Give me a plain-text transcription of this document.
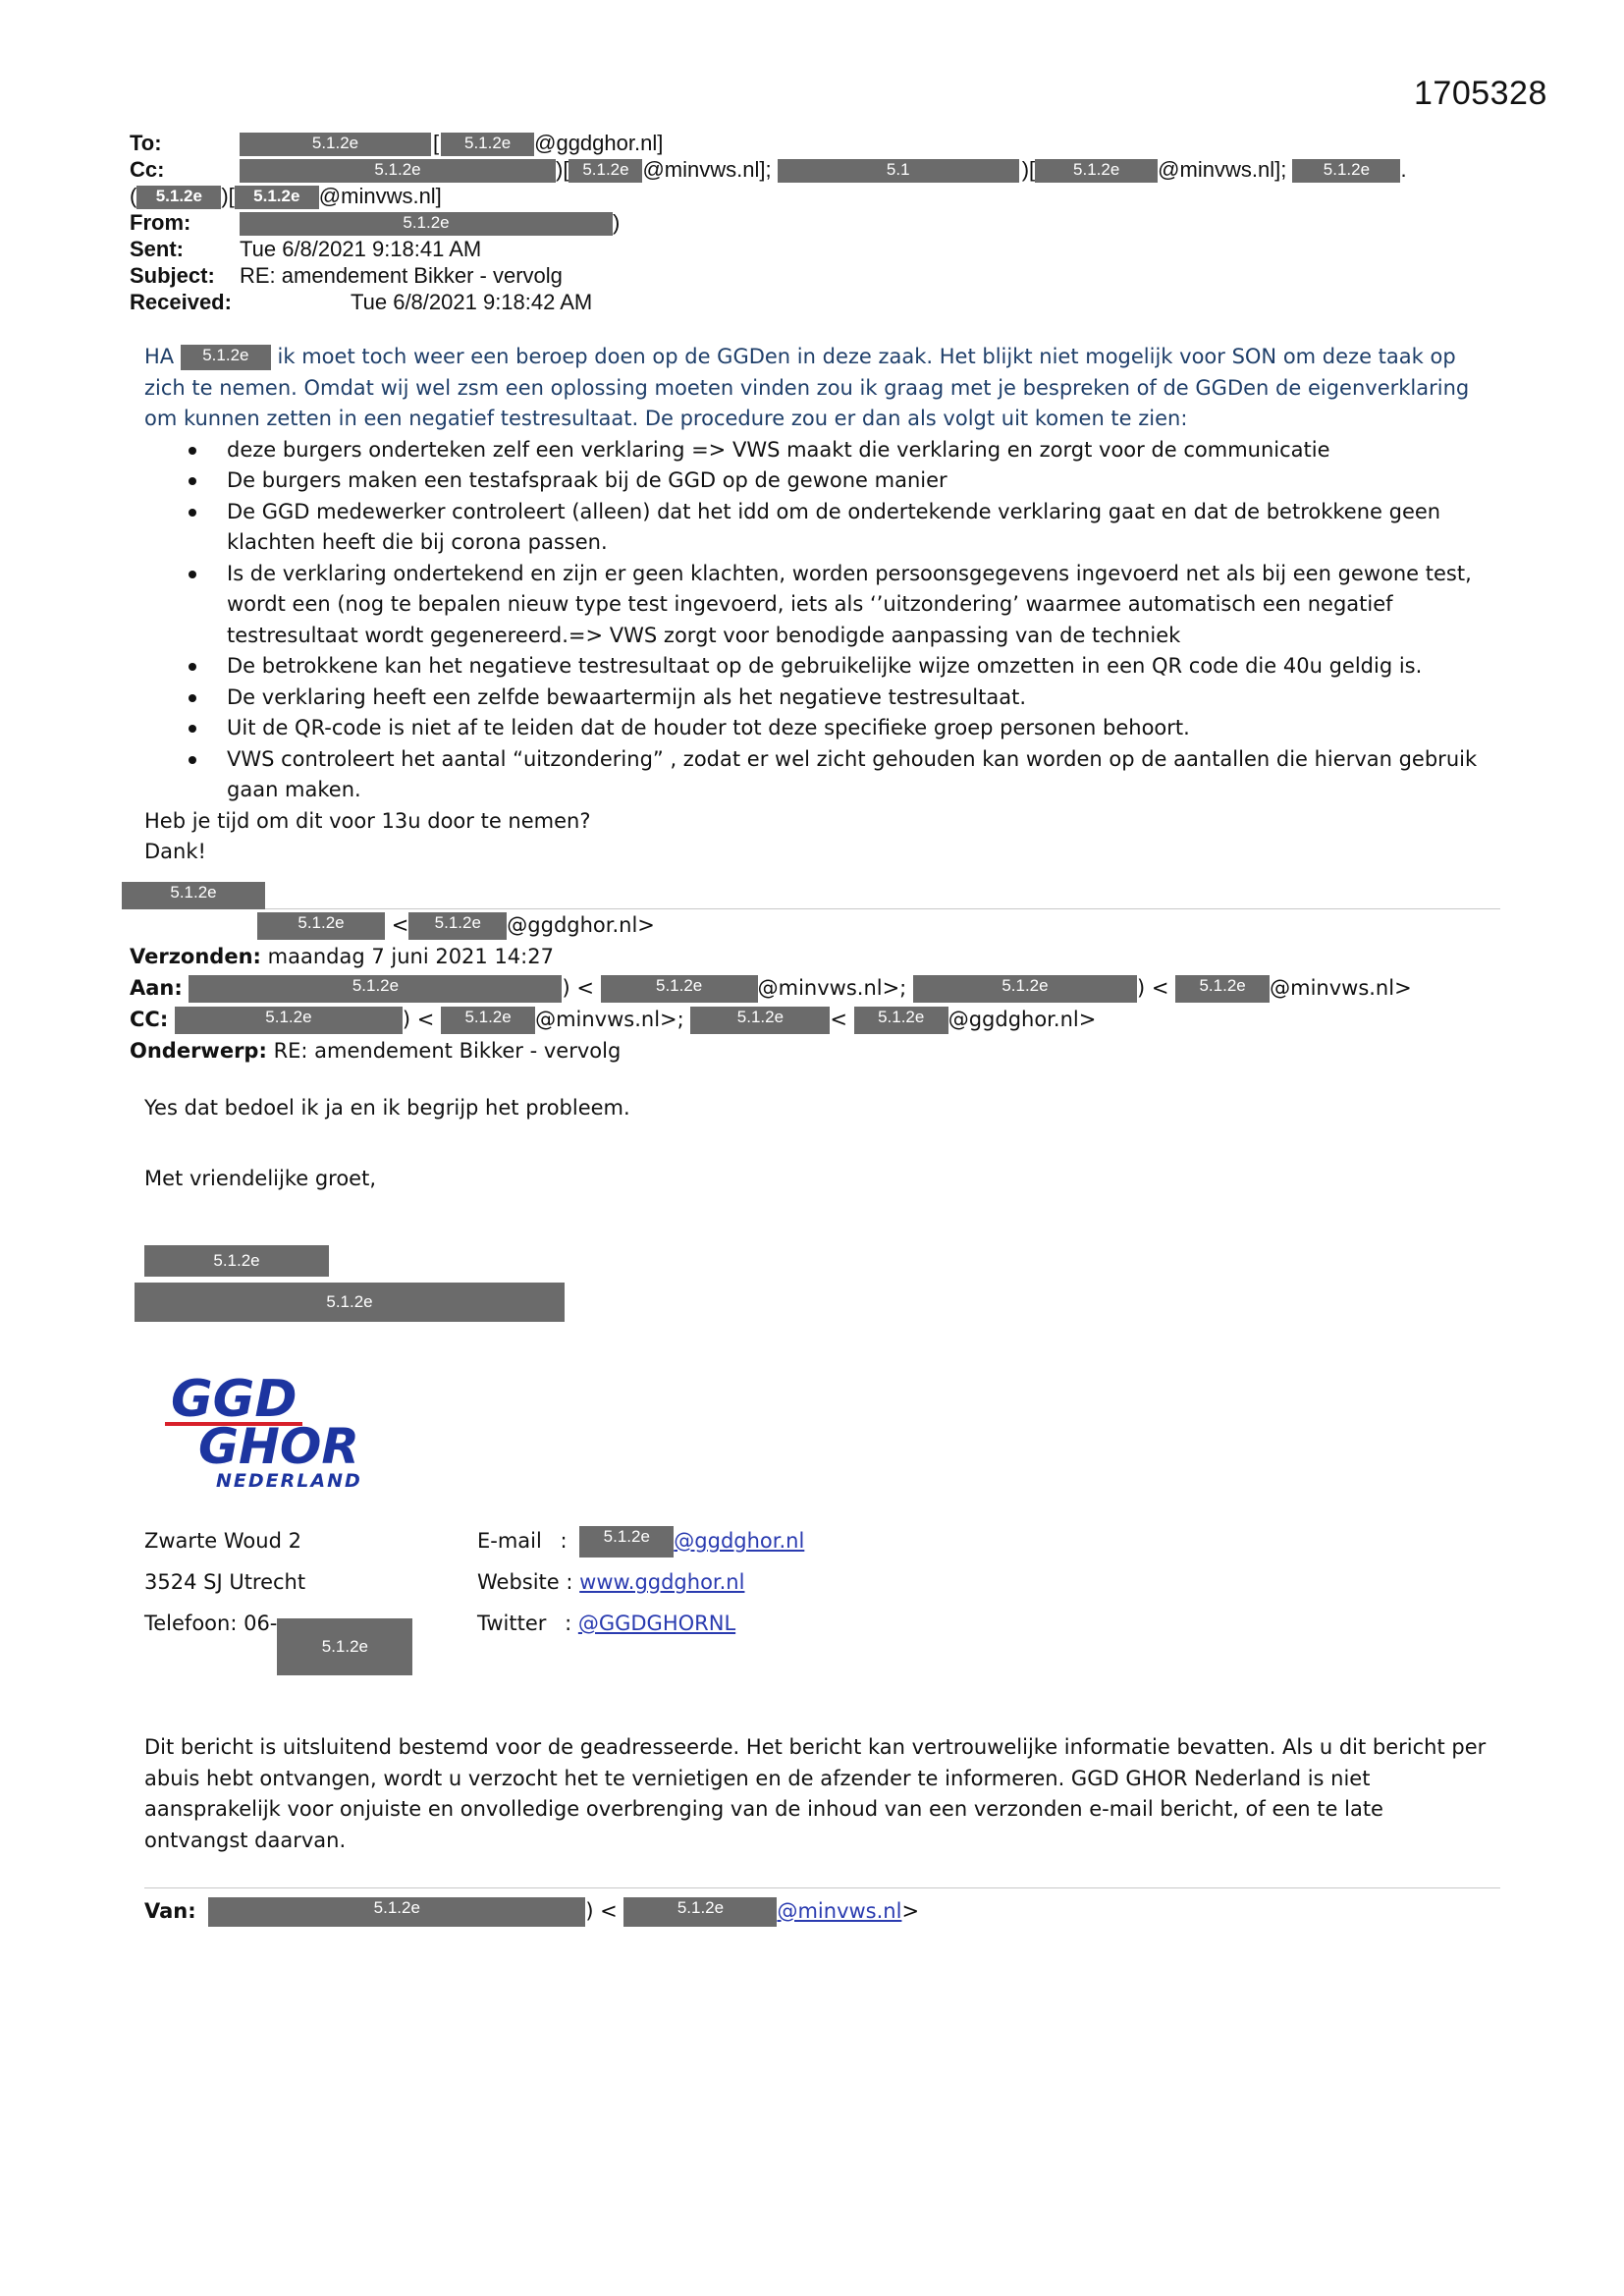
1705328
To:	5.1.2e	[ 5.1.2e @ggdghor.nl]
Cc:	5.1.2e	)[ 5.1.2e @minvws.nl];	5.1	)[ 5.1.2e @minvws.nl]; 5.1.2e .
( 5.1.2e )[ 5.1.2e @minvws.nl]
From:	5.1.2e	)
Sent:	Tue 6/8/2021 9:18:41 AM
Subject: RE: amendement Bikker - vervolg
Received:	Tue 6/8/2021 9:18:42 AM
HA 5.1.2e ik moet toch weer een beroep doen op de GGDen in deze zaak. Het blijkt niet mogelijk voor SON om deze taak op zich te nemen. Omdat wij wel zsm een oplossing moeten vinden zou ik graag met je bespreken of de GGDen de eigenverklaring om kunnen zetten in een negatief testresultaat. De procedure zou er dan als volgt uit komen te zien:
deze burgers onderteken zelf een verklaring => VWS maakt die verklaring en zorgt voor de communicatie
De burgers maken een testafspraak bij de GGD op de gewone manier
De GGD medewerker controleert (alleen) dat het idd om de ondertekende verklaring gaat en dat de betrokkene geen klachten heeft die bij corona passen.
Is de verklaring ondertekend en zijn er geen klachten, worden persoonsgegevens ingevoerd net als bij een gewone test, wordt een (nog te bepalen nieuw type test ingevoerd, iets als ‘’uitzondering’ waarmee automatisch een negatief testresultaat wordt gegenereerd.=> VWS zorgt voor benodigde aanpassing van de techniek
De betrokkene kan het negatieve testresultaat op de gebruikelijke wijze omzetten in een QR code die 40u geldig is.
De verklaring heeft een zelfde bewaartermijn als het negatieve testresultaat.
Uit de QR-code is niet af te leiden dat de houder tot deze specifieke groep personen behoort.
VWS controleert het aantal “uitzondering” , zodat er wel zicht gehouden kan worden op de aantallen die hiervan gebruik gaan maken.
Heb je tijd om dit voor 13u door te nemen?
Dank!
5.1.2e
5.1.2e < 5.1.2e @ggdghor.nl>
Verzonden: maandag 7 juni 2021 14:27
Aan:	5.1.2e	) <	5.1.2e	@minvws.nl>;	5.1.2e	) < 5.1.2e @minvws.nl>
CC:	5.1.2e	) < 5.1.2e @minvws.nl>;	5.1.2e < 5.1.2e @ggdghor.nl>
Onderwerp: RE: amendement Bikker - vervolg
Yes dat bedoel ik ja en ik begrijp het probleem.
Met vriendelijke groet,
5.1.2e
5.1.2e
GGD
GHOR
NEDERLAND
Zwarte Woud 2
3524 SJ Utrecht
Telefoon: 06-5.1.2e
E-mail : 5.1.2e @ggdghor.nl
Website : www.ggdghor.nl
Twitter : @GGDGHORNL
Dit bericht is uitsluitend bestemd voor de geadresseerde. Het bericht kan vertrouwelijke informatie bevatten. Als u dit bericht per abuis hebt ontvangen, wordt u verzocht het te vernietigen en de afzender te informeren. GGD GHOR Nederland is niet aansprakelijk voor onjuiste en onvolledige overbrenging van de inhoud van een verzonden e-mail bericht, of een te late ontvangst daarvan.
Van:	5.1.2e	) <	5.1.2e	@minvws.nl>
